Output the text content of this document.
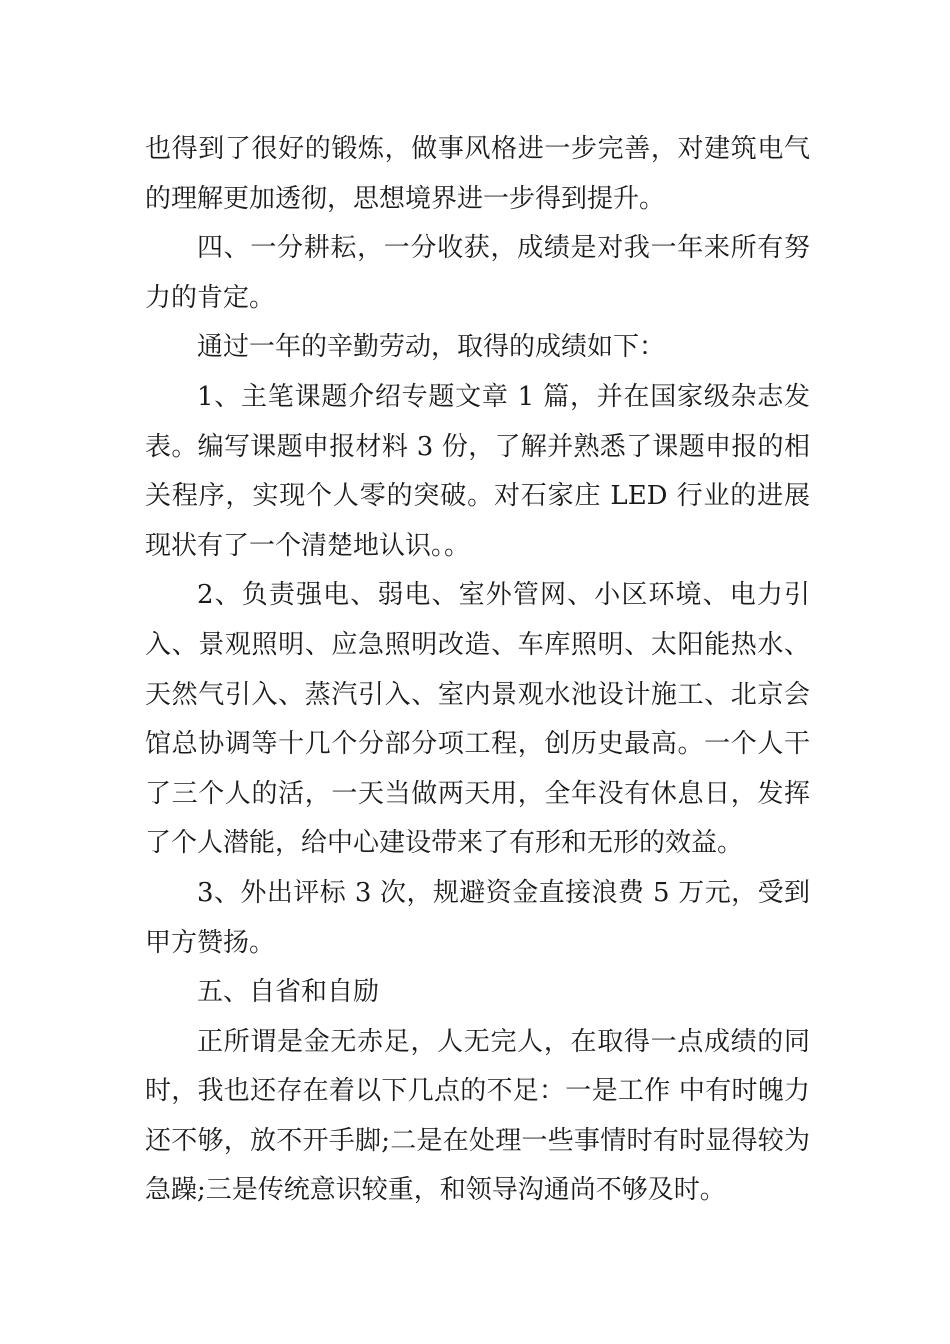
也得到了很好的锻炼，做事风格进一步完善，对建筑电气的理解更加透彻，思想境界进一步得到提升。

四、一分耕耘，一分收获，成绩是对我一年来所有努力的肯定。

通过一年的辛勤劳动，取得的成绩如下：

1、主笔课题介绍专题文章 1 篇，并在国家级杂志发表。编写课题申报材料 3 份，了解并熟悉了课题申报的相关程序，实现个人零的突破。对石家庄 LED 行业的进展现状有了一个清楚地认识。。

2、负责强电、弱电、室外管网、小区环境、电力引入、景观照明、应急照明改造、车库照明、太阳能热水、天然气引入、蒸汽引入、室内景观水池设计施工、北京会馆总协调等十几个分部分项工程，创历史最高。一个人干了三个人的活，一天当做两天用，全年没有休息日，发挥了个人潜能，给中心建设带来了有形和无形的效益。

3、外出评标 3 次，规避资金直接浪费 5 万元，受到甲方赞扬。

五、自省和自励

正所谓是金无赤足，人无完人，在取得一点成绩的同时，我也还存在着以下几点的不足：一是工作 中有时魄力还不够，放不开手脚;二是在处理一些事情时有时显得较为急躁;三是传统意识较重，和领导沟通尚不够及时。
